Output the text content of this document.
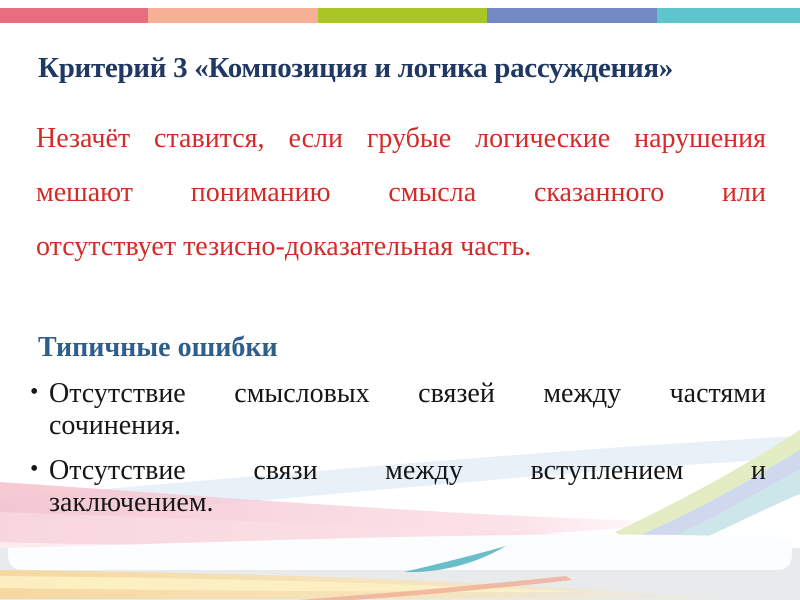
Критерий 3 «Композиция и логика рассуждения»
Незачёт ставится, если грубые логические нарушения
мешают пониманию смысла сказанного или
отсутствует тезисно-доказательная часть.
Типичные ошибки
• Отсутствие смысловых связей между частями
сочинения.
• Отсутствие связи между вступлением и
заключением.
